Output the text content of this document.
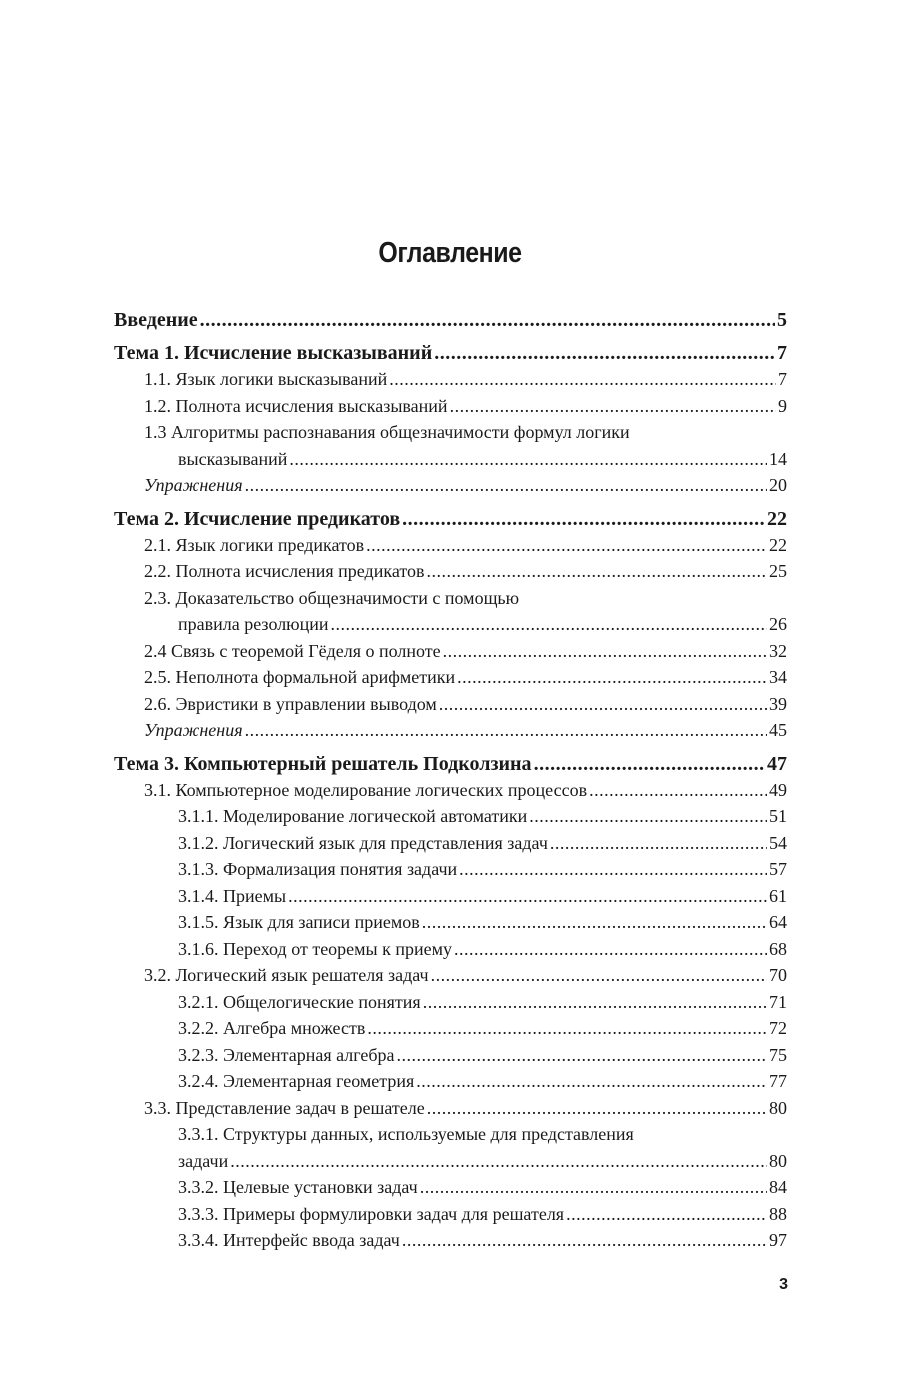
Оглавление
Введение .....	5
Тема 1. Исчисление высказываний .....	7
1.1. Язык логики высказываний .....	7
1.2. Полнота исчисления высказываний .....	9
1.3 Алгоритмы распознавания общезначимости формул логики
высказываний .....	14
Упражнения .....	20
Тема 2. Исчисление предикатов .....	22
2.1. Язык логики предикатов .....	22
2.2. Полнота исчисления предикатов .....	25
2.3. Доказательство общезначимости с помощью
правила резолюции .....	26
2.4 Связь с теоремой Гёделя о полноте .....	32
2.5. Неполнота формальной арифметики .....	34
2.6. Эвристики в управлении выводом .....	39
Упражнения .....	45
Тема 3. Компьютерный решатель Подколзина .....	47
3.1. Компьютерное моделирование логических процессов .....	49
3.1.1. Моделирование логической автоматики .....	51
3.1.2. Логический язык для представления задач .....	54
3.1.3. Формализация понятия задачи .....	57
3.1.4. Приемы .....	61
3.1.5. Язык для записи приемов .....	64
3.1.6. Переход от теоремы к приему .....	68
3.2. Логический язык решателя задач .....	70
3.2.1. Общелогические понятия .....	71
3.2.2. Алгебра множеств .....	72
3.2.3. Элементарная алгебра .....	75
3.2.4. Элементарная геометрия .....	77
3.3. Представление задач в решателе .....	80
3.3.1. Структуры данных, используемые для представления
задачи .....	80
3.3.2. Целевые установки задач .....	84
3.3.3. Примеры формулировки задач для решателя .....	88
3.3.4. Интерфейс ввода задач .....	97
3
